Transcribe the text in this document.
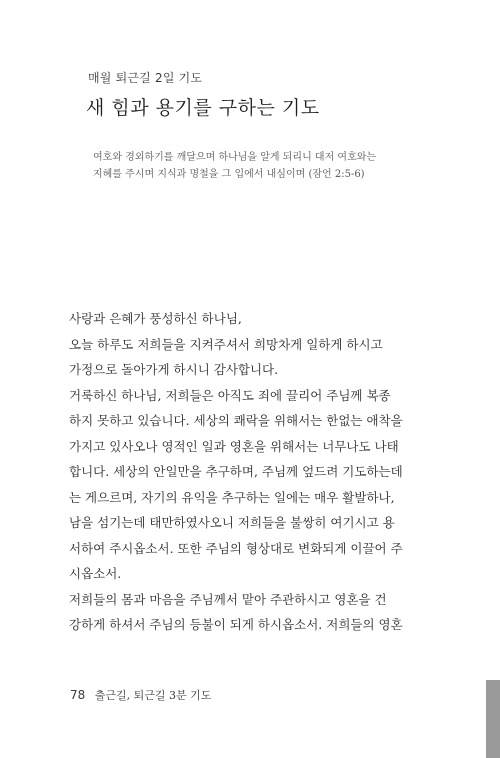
매월 퇴근길 2일 기도
새 힘과 용기를 구하는 기도

여호와 경외하기를 깨달으며 하나님을 알게 되리니 대저 여호와는

지혜를 주시며 지식과 명철을 그 입에서 내심이며 (잠언 2:5-6)

사랑과 은혜가 풍성하신 하나님,

오늘 하루도 저희들을 지켜주셔서 희망차게 일하게 하시고

가정으로 돌아가게 하시니 감사합니다.

거룩하신 하나님, 저희들은 아직도 죄에 끌리어 주님께 복종

하지 못하고 있습니다. 세상의 쾌락을 위해서는 한없는 애착을

가지고 있사오나 영적인 일과 영혼을 위해서는 너무나도 나태

합니다. 세상의 안일만을 추구하며, 주님께 엎드려 기도하는데

는 게으르며, 자기의 유익을 추구하는 일에는 매우 활발하나,

남을 섬기는데 태만하였사오니 저희들을 불쌍히 여기시고 용

서하여 주시옵소서. 또한 주님의 형상대로 변화되게 이끌어 주

시옵소서.

저희들의 몸과 마음을 주님께서 맡아 주관하시고 영혼을 건

강하게 하셔서 주님의 등불이 되게 하시옵소서. 저희들의 영혼

78 출근길, 퇴근길 3분 기도
